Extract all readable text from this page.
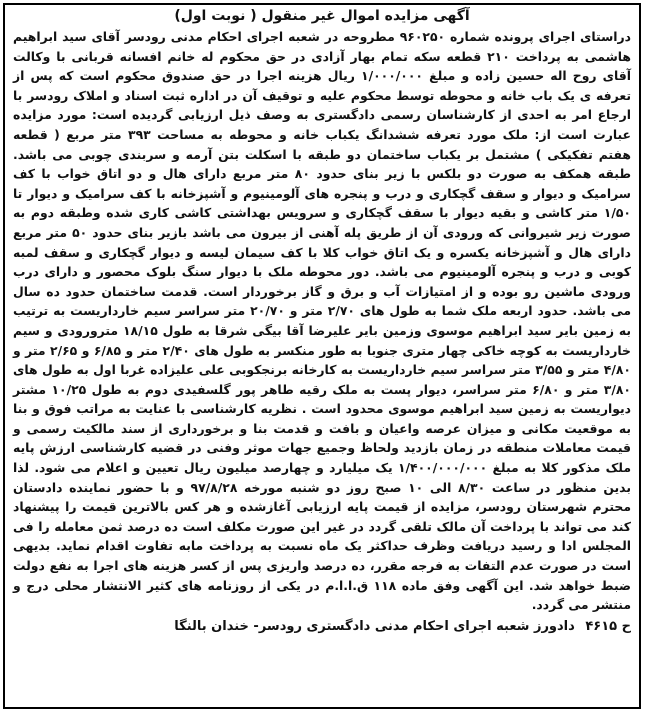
آگهی مزایده اموال غیر منقول ( نوبت اول)

دراستای اجرای پرونده شماره ۹۶۰۲۵۰ مطروحه در شعبه اجرای احکام مدنی رودسر آقای سید ابراهیم هاشمی به پرداخت ۲۱۰ قطعه سکه تمام بهار آزادی در حق محکوم له خانم افسانه قربانی با وکالت آقای روح اله حسین زاده و مبلغ ۱/۰۰۰/۰۰۰ ریال هزینه اجرا در حق صندوق محکوم است که پس از تعرفه ی یک باب خانه و محوطه توسط محکوم علیه و توقیف آن در اداره ثبت اسناد و املاک رودسر با ارجاع امر به احدی از کارشناسان رسمی دادگستری به وصف ذیل ارزیابی گردیده است: مورد مزایده عبارت است از: ملک مورد تعرفه ششدانگ یکباب خانه و محوطه به مساحت ۳۹۳ متر مربع ( قطعه هفتم تفکیکی ) مشتمل بر یکباب ساختمان دو طبقه با اسکلت بتن آرمه و سربندی چوبی می باشد. طبقه همکف به صورت دو بلکس با زیر بنای حدود ۸۰ متر مربع دارای هال و دو اتاق خواب با کف سرامیک و دیوار و سقف گچکاری و درب و پنجره های آلومینیوم و آشپزخانه با کف سرامیک و دیوار تا ۱/۵۰ متر کاشی و بقیه دیوار با سقف گچکاری و سرویس بهداشتی کاشی کاری شده وطبقه دوم به صورت زیر شیروانی که ورودی آن از طریق پله آهنی از بیرون می باشد بازیر بنای حدود ۵۰ متر مربع دارای هال و آشپزخانه یکسره و یک اتاق خواب کلا با کف سیمان لیسه و دیوار گچکاری و سقف لمبه کوبی و درب و پنجره آلومینیوم می باشد. دور محوطه ملک با دیوار سنگ بلوک محصور و دارای درب ورودی ماشین رو بوده و از امتیازات آب و برق و گاز برخوردار است. قدمت ساختمان حدود ده سال می باشد. حدود اربعه ملک شما به طول های ۲/۷۰ متر و ۲۰/۷۰ متر سراسر سیم خارداریست به ترتیب به زمین بایر سید ابراهیم موسوی وزمین بایر علیرضا آقا بیگی شرقا به طول ۱۸/۱۵ مترورودی و سیم خارداریست به کوچه خاکی چهار متری جنوبا به طور منکسر به طول های ۲/۴۰ متر و ۶/۸۵ و ۲/۶۵ متر و ۴/۸۰ متر و ۳/۵۵ متر سراسر سیم خارداریست به کارخانه برنجکوبی علی علیزاده غربا اول به طول های ۳/۸۰ متر و ۶/۸۰ متر سراسر، دیوار پست به ملک رقیه طاهر پور گلسفیدی دوم به طول ۱۰/۲۵ مشتر دیواریست به زمین سید ابراهیم موسوی محدود است . نظریه کارشناسی با عنایت به مراتب فوق و بنا به موقعیت مکانی و میزان عرصه واعیان و بافت و قدمت بنا و برخورداری از سند مالکیت رسمی و قیمت معاملات منطقه در زمان بازدید ولحاظ وجمیع جهات موثر وفنی در قضیه کارشناسی ارزش پایه ملک مذکور کلا به مبلغ ۱/۴۰۰/۰۰۰/۰۰۰ یک میلیارد و چهارصد میلیون ریال تعیین و اعلام می شود. لذا بدین منظور در ساعت ۸/۳۰ الی ۱۰ صبح روز دو شنبه مورخه ۹۷/۸/۲۸ و با حضور نماینده دادستان محترم شهرستان رودسر، مزایده از قیمت پایه ارزیابی آغازشده و هر کس بالاترین قیمت را پیشنهاد کند می تواند با پرداخت آن مالک تلقی گردد در غیر این صورت مکلف است ده درصد ثمن معامله را فی المجلس ادا و رسید دریافت وظرف حداکثر یک ماه نسبت به پرداخت مابه تفاوت اقدام نماید. بدیهی است در صورت عدم التفات به فرجه مقرر، ده درصد واریزی پس از کسر هزینه های اجرا به نفع دولت ضبط خواهد شد. این آگهی وفق ماده ۱۱۸ ق.ا.ا.م در یکی از روزنامه های کثیر الانتشار محلی درج و منتشر می گردد.

ح ۴۶۱۵ دادورز شعبه اجرای احکام مدنی دادگستری رودسر- خندان بالنگا
